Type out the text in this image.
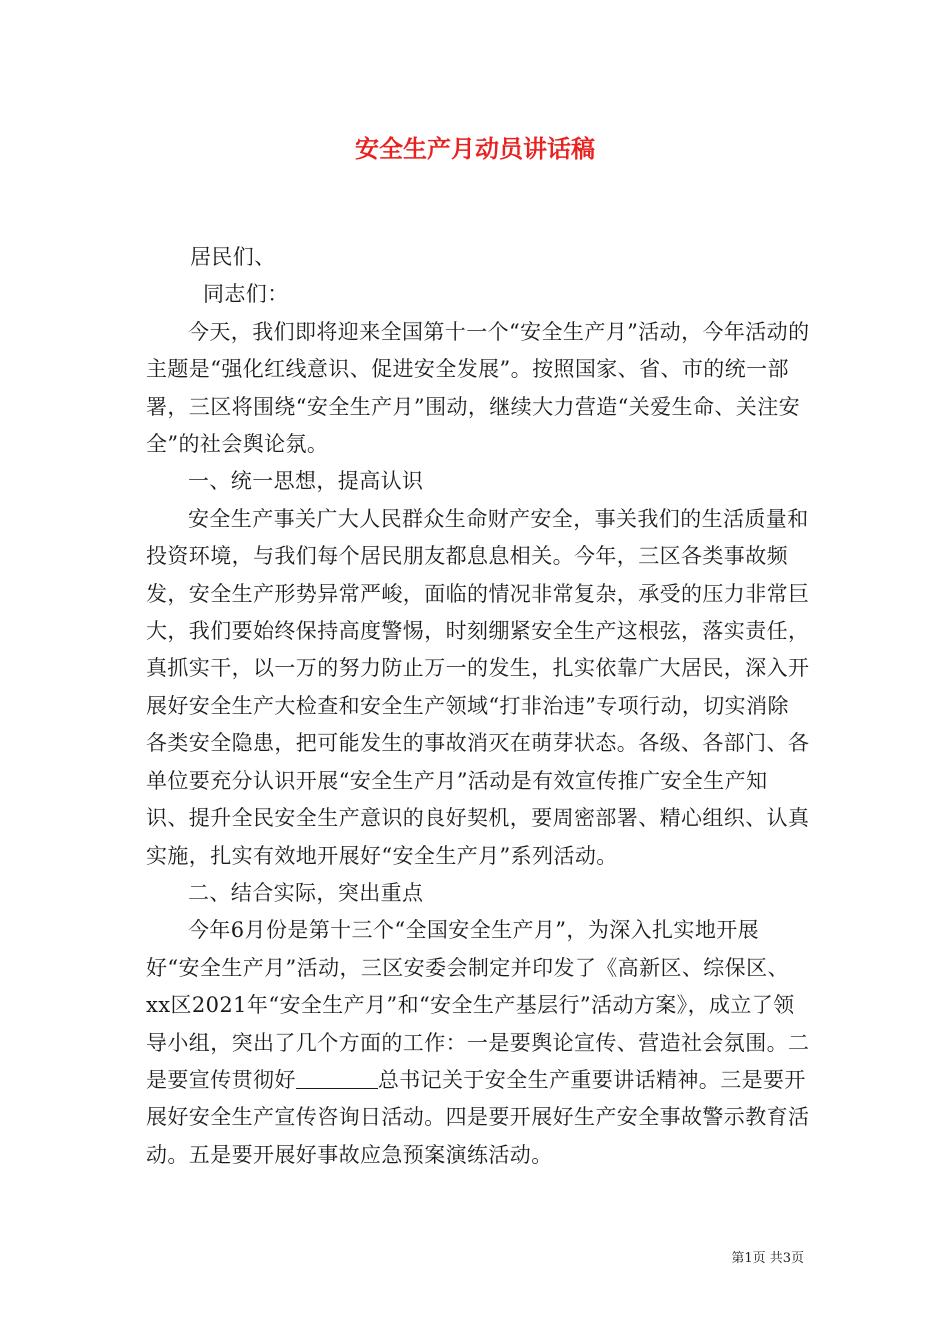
安全生产月动员讲话稿

居民们、

同志们：

今天，我们即将迎来全国第十一个“安全生产月”活动，今年活动的主题是“强化红线意识、促进安全发展”。按照国家、省、市的统一部署，三区将围绕“安全生产月”围动，继续大力营造“关爱生命、关注安全”的社会舆论氛。

一、统一思想，提高认识

安全生产事关广大人民群众生命财产安全，事关我们的生活质量和投资环境，与我们每个居民朋友都息息相关。今年，三区各类事故频发，安全生产形势异常严峻，面临的情况非常复杂，承受的压力非常巨大，我们要始终保持高度警惕，时刻绷紧安全生产这根弦，落实责任，真抓实干，以一万的努力防止万一的发生，扎实依靠广大居民，深入开展好安全生产大检查和安全生产领域“打非治违”专项行动，切实消除各类安全隐患，把可能发生的事故消灭在萌芽状态。各级、各部门、各单位要充分认识开展“安全生产月”活动是有效宣传推广安全生产知识、提升全民安全生产意识的良好契机，要周密部署、精心组织、认真实施，扎实有效地开展好“安全生产月”系列活动。

二、结合实际，突出重点

今年6月份是第十三个“全国安全生产月”，为深入扎实地开展好“安全生产月”活动，三区安委会制定并印发了《高新区、综保区、xx区2021年“安全生产月”和“安全生产基层行”活动方案》，成立了领导小组，突出了几个方面的工作：一是要舆论宣传、营造社会氛围。二是要宣传贯彻好	总书记关于安全生产重要讲话精神。三是要开展好安全生产宣传咨询日活动。四是要开展好生产安全事故警示教育活动。五是要开展好事故应急预案演练活动。

第1页 共3页
